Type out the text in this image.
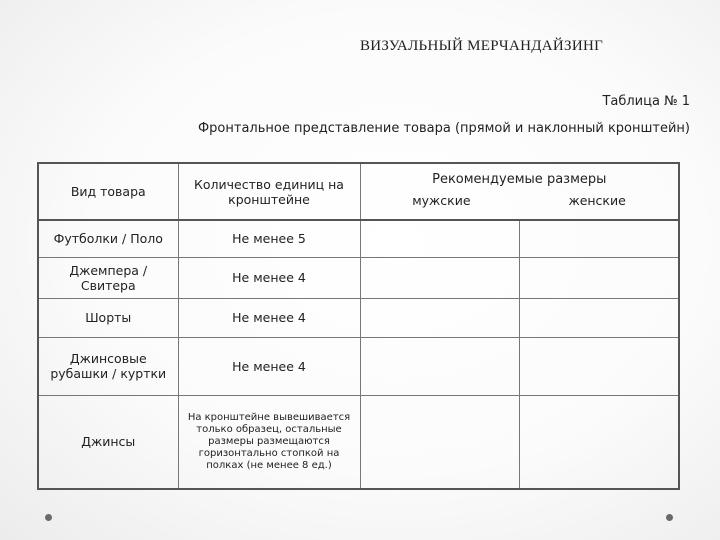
ВИЗУАЛЬНЫЙ МЕРЧАНДАЙЗИНГ
Таблица № 1
Фронтальное представление товара (прямой и наклонный кронштейн)
Вид товара	Количество единиц на кронштейне	Рекомендуемые размеры
мужские женские	

Футболки / Поло	Не менее 5		
Джемпера / Свитера	Не менее 4		
Шорты	Не менее 4		
Джинсовые рубашки / куртки	Не менее 4		
Джинсы	На кронштейне вывешивается только образец, остальные размеры размещаются горизонтально стопкой на полках (не менее 8 ед.)		
